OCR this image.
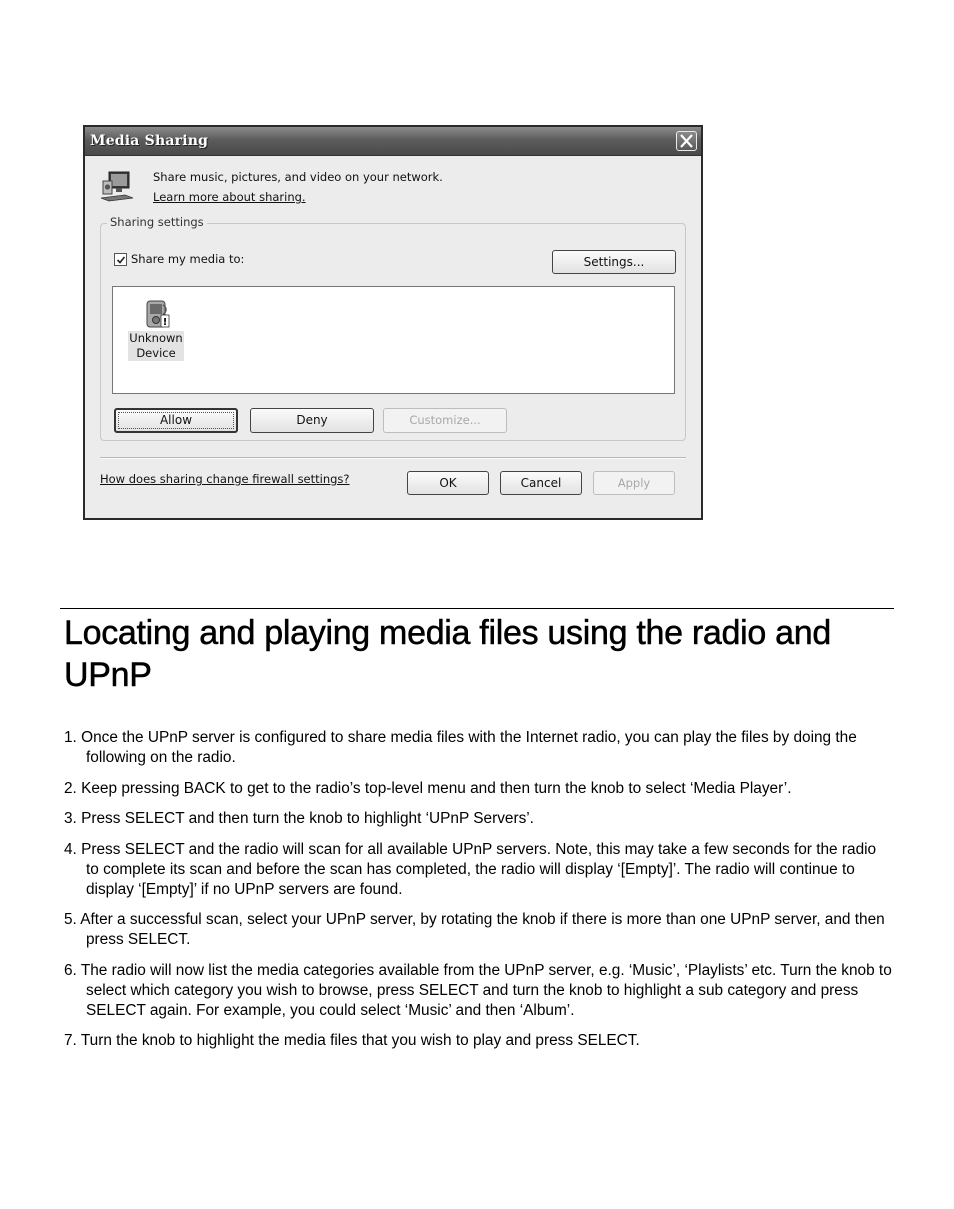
Media Sharing
Share music, pictures, and video on your network.
Learn more about sharing.
Sharing settings
Share my media to:	Settings...
!
Unknown
Device
Allow	Deny	Customize...
How does sharing change firewall settings?	OK	Cancel	Apply
Locating and playing media files using the radio and UPnP
1. Once the UPnP server is configured to share media files with the Internet radio, you can play the files by doing the following on the radio.
2. Keep pressing BACK to get to the radio’s top-level menu and then turn the knob to select ‘Media Player’.
3. Press SELECT and then turn the knob to highlight ‘UPnP Servers’.
4. Press SELECT and the radio will scan for all available UPnP servers. Note, this may take a few seconds for the radio to complete its scan and before the scan has completed, the radio will display ‘[Empty]’. The radio will continue to display ‘[Empty]’ if no UPnP servers are found.
5. After a successful scan, select your UPnP server, by rotating the knob if there is more than one UPnP server, and then press SELECT.
6. The radio will now list the media categories available from the UPnP server, e.g. ‘Music’, ‘Playlists’ etc. Turn the knob to select which category you wish to browse, press SELECT and turn the knob to highlight a sub category and press SELECT again. For example, you could select ‘Music’ and then ‘Album’.
7. Turn the knob to highlight the media files that you wish to play and press SELECT.
